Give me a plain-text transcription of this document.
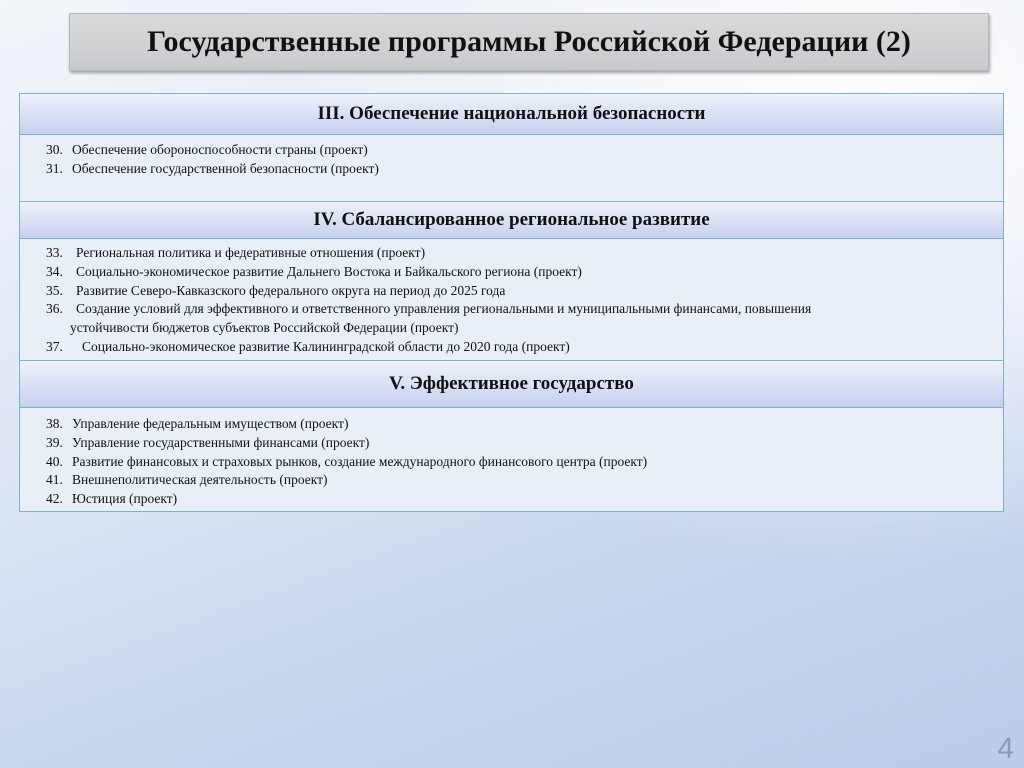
Государственные программы Российской Федерации (2)
III. Обеспечение национальной безопасности
30. Обеспечение обороноспособности страны (проект)
31. Обеспечение государственной безопасности (проект)
IV. Сбалансированное региональное развитие
33. Региональная политика и федеративные отношения (проект)
34. Социально-экономическое развитие Дальнего Востока и Байкальского региона (проект)
35. Развитие Северо-Кавказского федерального округа на период до 2025 года
36. Создание условий для эффективного и ответственного управления региональными и муниципальными финансами, повышения
устойчивости бюджетов субъектов Российской Федерации (проект)
37.	Социально-экономическое развитие Калининградской области до 2020 года (проект)
V. Эффективное государство
38. Управление федеральным имуществом (проект)
39. Управление государственными финансами (проект)
40. Развитие финансовых и страховых рынков, создание международного финансового центра (проект)
41. Внешнеполитическая деятельность (проект)
42. Юстиция (проект)
4
